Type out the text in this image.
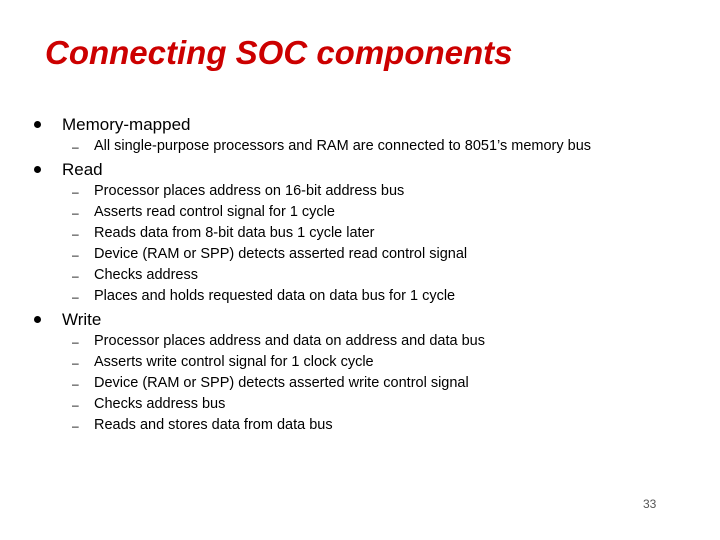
Connecting SOC components
Memory-mapped
– All single-purpose processors and RAM are connected to 8051’s memory bus
Read
– Processor places address on 16-bit address bus
– Asserts read control signal for 1 cycle
– Reads data from 8-bit data bus 1 cycle later
– Device (RAM or SPP) detects asserted read control signal
– Checks address
– Places and holds requested data on data bus for 1 cycle
Write
– Processor places address and data on address and data bus
– Asserts write control signal for 1 clock cycle
– Device (RAM or SPP) detects asserted write control signal
– Checks address bus
– Reads and stores data from data bus
33
